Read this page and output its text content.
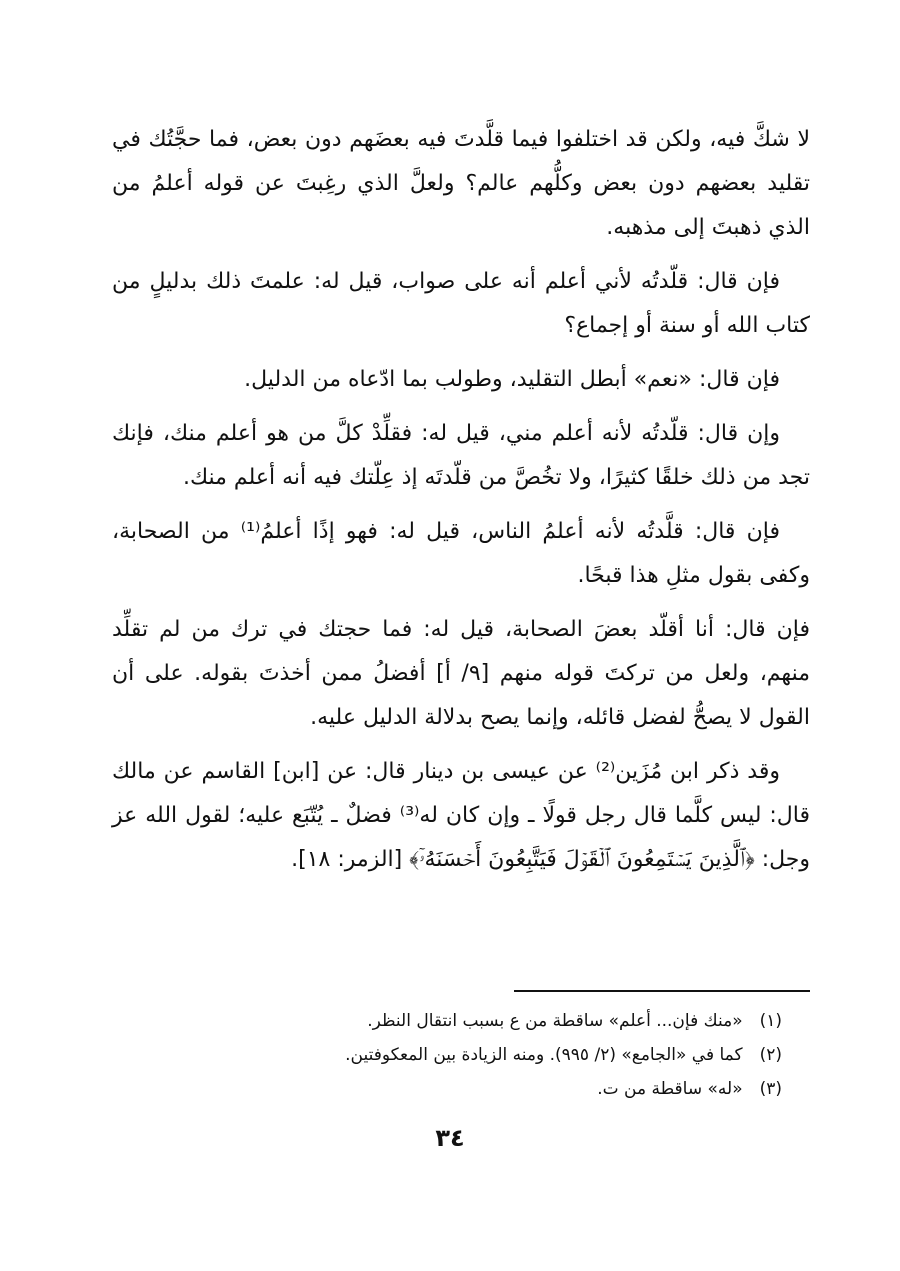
لا شكَّ فيه، ولكن قد اختلفوا فيما قلَّدتَ فيه بعضَهم دون بعض، فما حجَّتُك في تقليد بعضهم دون بعض وكلُّهم عالم؟ ولعلَّ الذي رغِبتَ عن قوله أعلمُ من الذي ذهبتَ إلى مذهبه.

فإن قال: قلّدتُه لأني أعلم أنه على صواب، قيل له: علمتَ ذلك بدليلٍ من كتاب الله أو سنة أو إجماع؟

فإن قال: «نعم» أبطل التقليد، وطولب بما ادّعاه من الدليل.

وإن قال: قلّدتُه لأنه أعلم مني، قيل له: فقلِّدْ كلَّ من هو أعلم منك، فإنك تجد من ذلك خلقًا كثيرًا، ولا تخُصَّ من قلّدتَه إذ عِلّتك فيه أنه أعلم منك.

فإن قال: قلَّدتُه لأنه أعلمُ الناس، قيل له: فهو إذًا أعلمُ⁽¹⁾ من الصحابة، وكفى بقول مثلِ هذا قبحًا.

فإن قال: أنا أقلّد بعضَ الصحابة، قيل له: فما حجتك في ترك من لم تقلِّد منهم، ولعل من تركتَ قوله منهم [٩/ أ] أفضلُ ممن أخذتَ بقوله. على أن القول لا يصحُّ لفضل قائله، وإنما يصح بدلالة الدليل عليه.

وقد ذكر ابن مُزَين⁽²⁾ عن عيسى بن دينار قال: عن [ابن] القاسم عن مالك قال: ليس كلَّما قال رجل قولًا ـ وإن كان له⁽³⁾ فضلٌ ـ يُتّبَع عليه؛ لقول الله عز وجل: ﴿ٱلَّذِينَ يَسۡتَمِعُونَ ٱلۡقَوۡلَ فَيَتَّبِعُونَ أَحۡسَنَهُۥٓ﴾ [الزمر: ١٨].

(١) «منك فإن... أعلم» ساقطة من ع بسبب انتقال النظر.

(٢) كما في «الجامع» (٢/ ٩٩٥). ومنه الزيادة بين المعكوفتين.

(٣) «له» ساقطة من ت.

٣٤
